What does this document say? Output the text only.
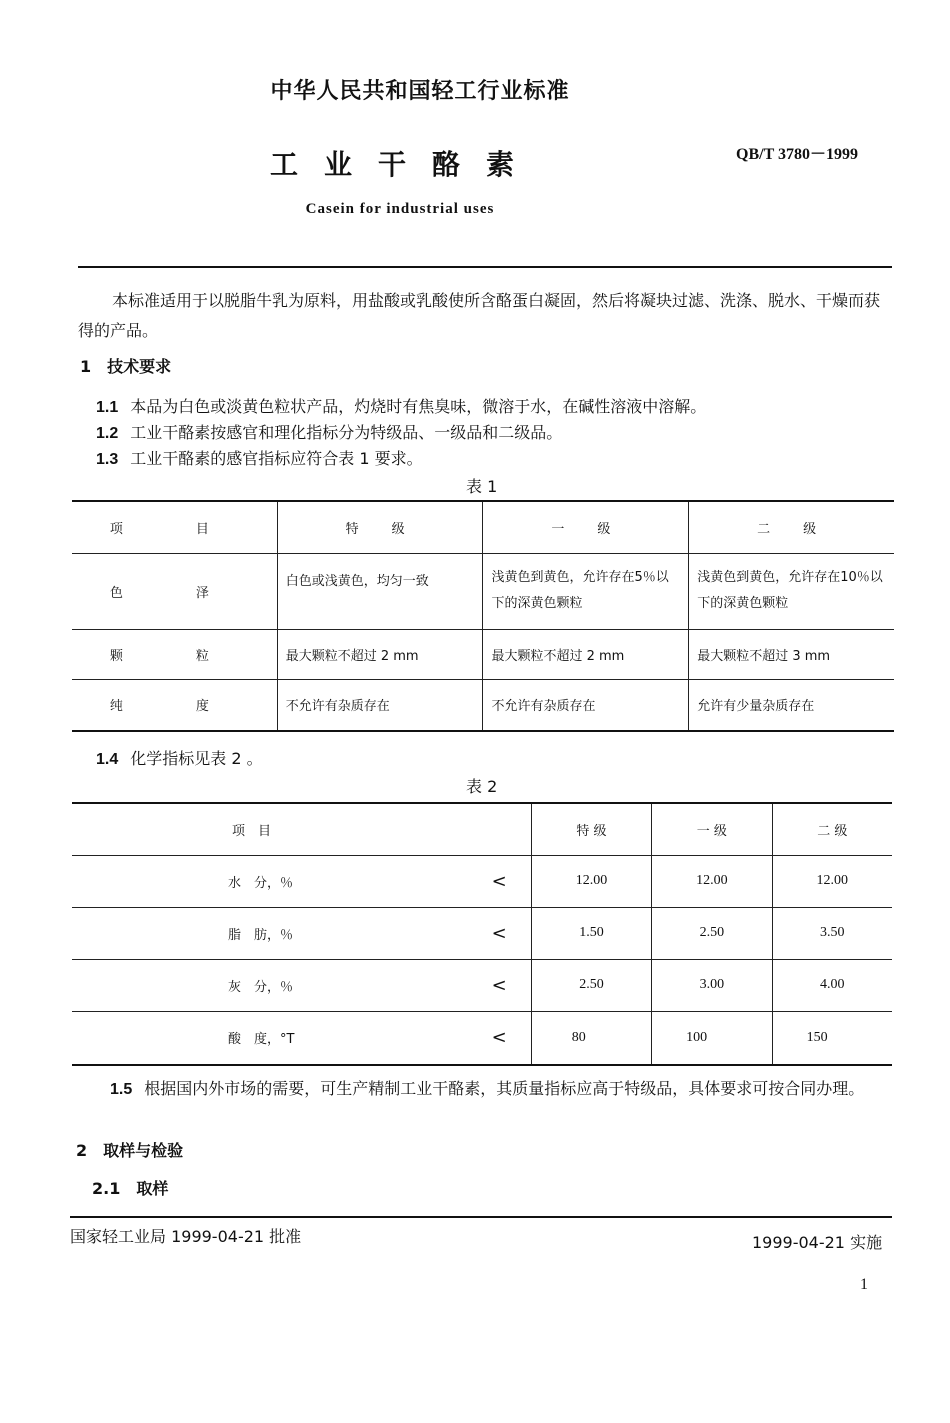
中华人民共和国轻工行业标准
工业干酪素	QB/T 3780－1999
Casein for industrial uses
本标准适用于以脱脂牛乳为原料，用盐酸或乳酸使所含酪蛋白凝固，然后将凝块过滤、洗涤、脱水、干燥而获得的产品。
1 技术要求
1.1 本品为白色或淡黄色粒状产品，灼烧时有焦臭味，微溶于水，在碱性溶液中溶解。
1.2 工业干酪素按感官和理化指标分为特级品、一级品和二级品。
1.3 工业干酪素的感官指标应符合表 1 要求。
表 1
项　目	特　级	一　级	二　级
色　泽	白色或浅黄色，均匀一致	浅黄色到黄色，允许存在5％以下的深黄色颗粒	浅黄色到黄色，允许存在10％以下的深黄色颗粒
颗　粒	最大颗粒不超过 2 mm	最大颗粒不超过 2 mm	最大颗粒不超过 3 mm
纯　度	不允许有杂质存在	不允许有杂质存在	允许有少量杂质存在
1.4 化学指标见表 2 。
表 2
项　目		特 级	一 级	二 级
水　分，％	<	12.00	12.00	12.00
脂　肪，％	<	1.50	2.50	3.50
灰　分，％	<	2.50	3.00	4.00
酸　度，°T	<	80	100	150
1.5 根据国内外市场的需要，可生产精制工业干酪素，其质量指标应高于特级品，具体要求可按合同办理。
2 取样与检验
2.1 取样
国家轻工业局 1999-04-21 批准	1999-04-21 实施
1
